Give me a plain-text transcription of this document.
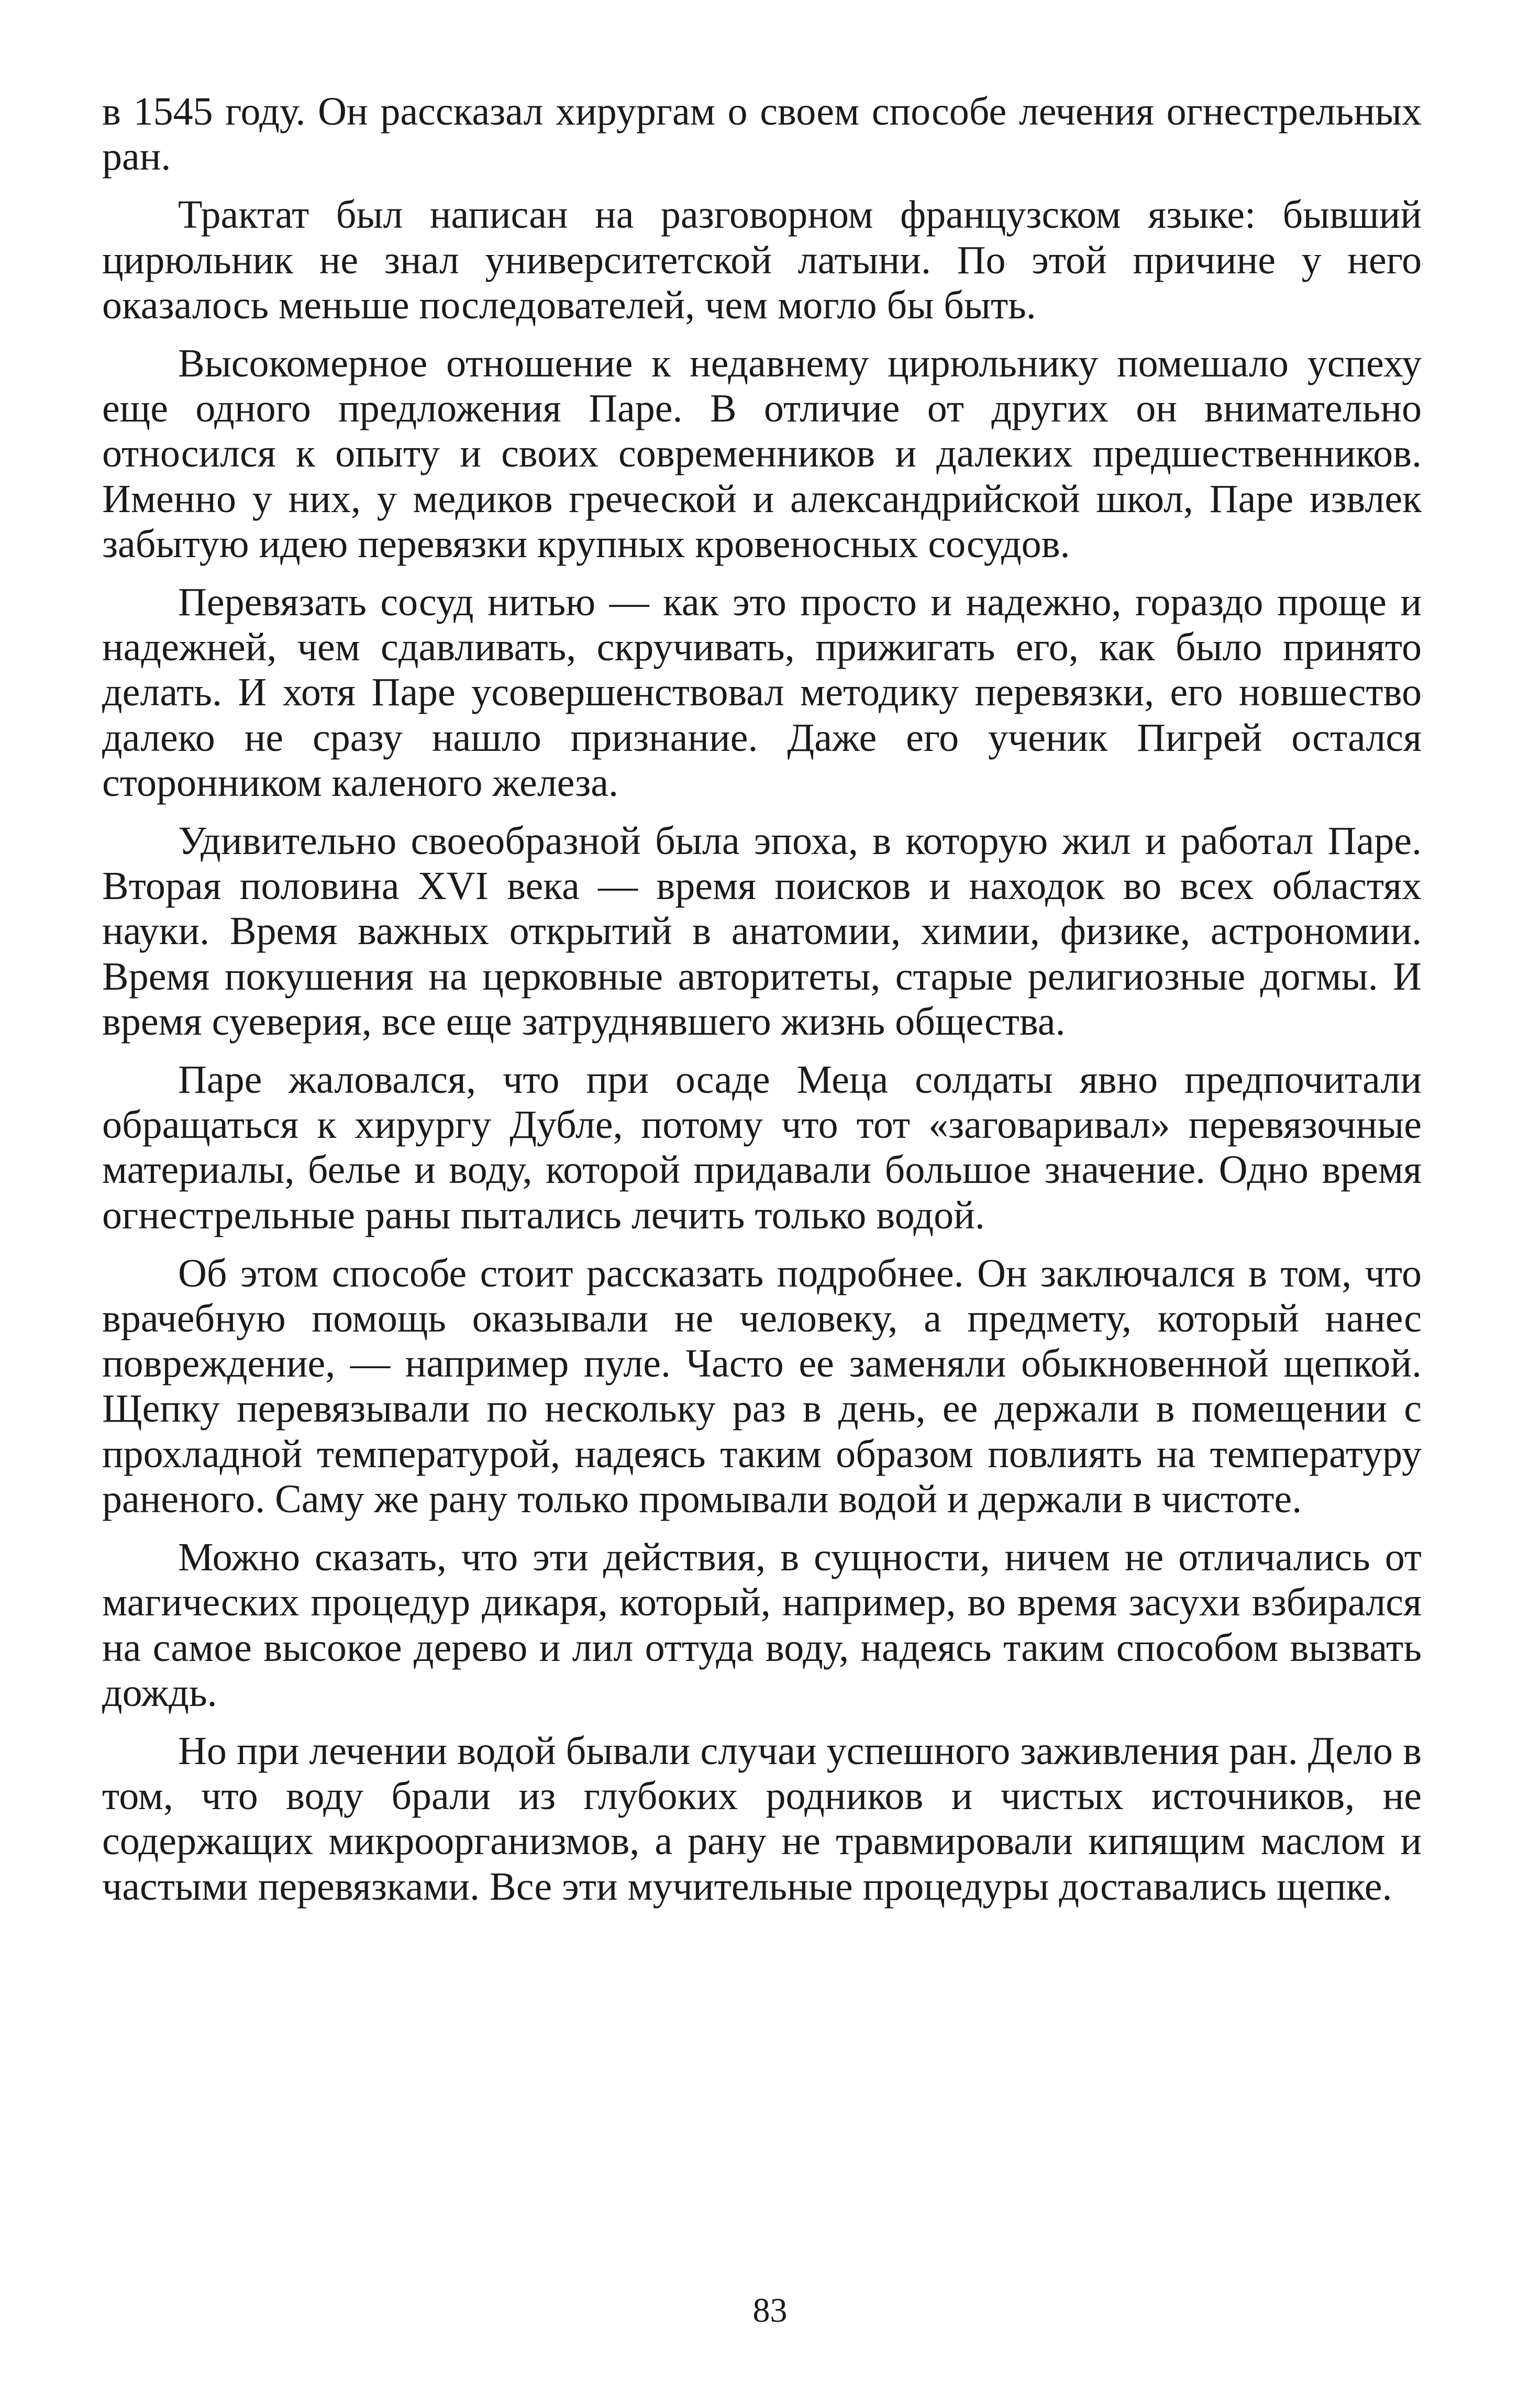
в 1545 году. Он рассказал хирургам о своем способе лечения огнестрельных ран.

Трактат был написан на разговорном французском языке: бывший цирюльник не знал университетской латыни. По этой причине у него оказалось меньше последователей, чем могло бы быть.

Высокомерное отношение к недавнему цирюльнику помешало успеху еще одного предложения Паре. В отличие от других он внимательно относился к опыту и своих современников и далеких предшественников. Именно у них, у медиков греческой и александрийской школ, Паре извлек забытую идею перевязки крупных кровеносных сосудов.

Перевязать сосуд нитью — как это просто и надежно, гораздо проще и надежней, чем сдавливать, скручивать, прижигать его, как было принято делать. И хотя Паре усовершенствовал методику перевязки, его новшество далеко не сразу нашло признание. Даже его ученик Пигрей остался сторонником каленого железа.

Удивительно своеобразной была эпоха, в которую жил и работал Паре. Вторая половина XVI века — время поисков и находок во всех областях науки. Время важных открытий в анатомии, химии, физике, астрономии. Время покушения на церковные авторитеты, старые религиозные догмы. И время суеверия, все еще затруднявшего жизнь общества.

Паре жаловался, что при осаде Меца солдаты явно предпочитали обращаться к хирургу Дубле, потому что тот «заговаривал» перевязочные материалы, белье и воду, которой придавали большое значение. Одно время огнестрельные раны пытались лечить только водой.

Об этом способе стоит рассказать подробнее. Он заключался в том, что врачебную помощь оказывали не человеку, а предмету, который нанес повреждение, — например пуле. Часто ее заменяли обыкновенной щепкой. Щепку перевязывали по нескольку раз в день, ее держали в помещении с прохладной температурой, надеясь таким образом повлиять на температуру раненого. Саму же рану только промывали водой и держали в чистоте.

Можно сказать, что эти действия, в сущности, ничем не отличались от магических процедур дикаря, который, например, во время засухи взбирался на самое высокое дерево и лил оттуда воду, надеясь таким способом вызвать дождь.

Но при лечении водой бывали случаи успешного заживления ран. Дело в том, что воду брали из глубоких родников и чистых источников, не содержащих микроорганизмов, а рану не травмировали кипящим маслом и частыми перевязками. Все эти мучительные процедуры доставались щепке.

83
